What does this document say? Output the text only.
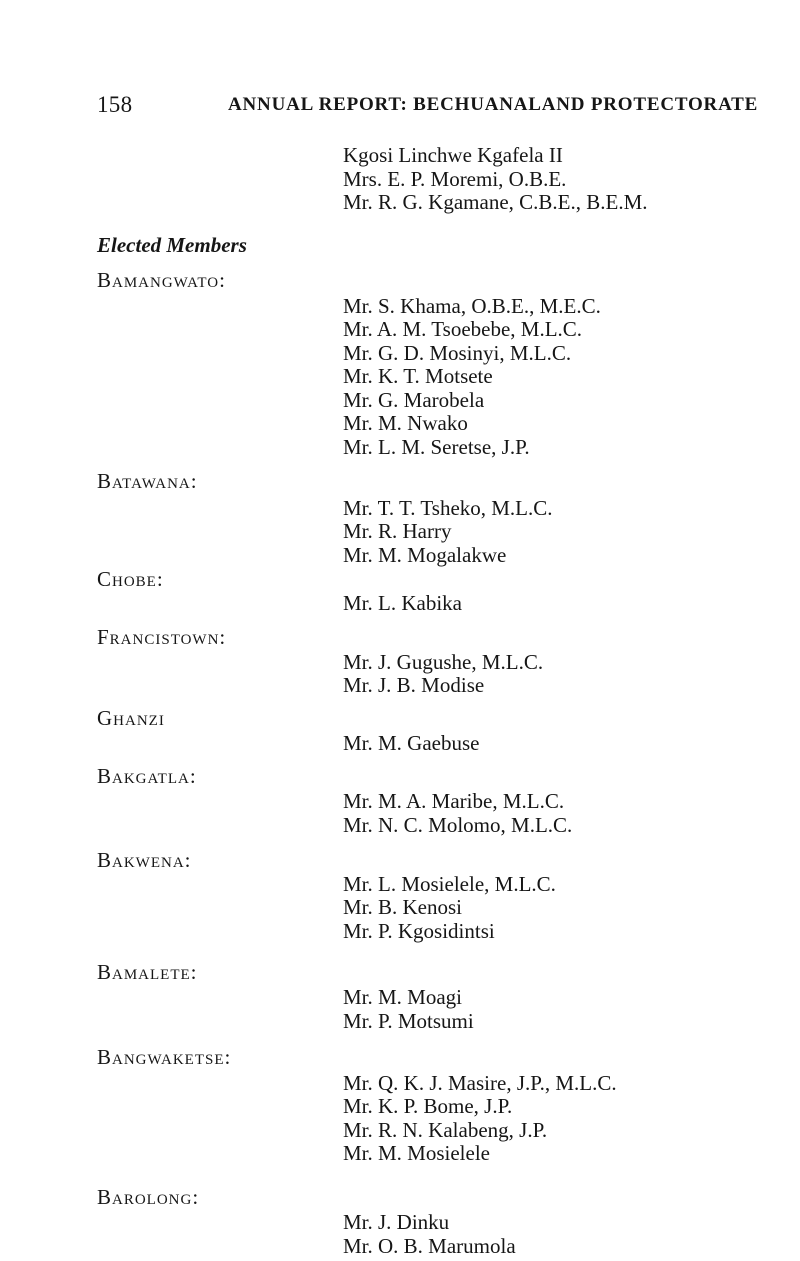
158	ANNUAL REPORT: BECHUANALAND PROTECTORATE
Kgosi Linchwe Kgafela II
Mrs. E. P. Moremi, O.B.E.
Mr. R. G. Kgamane, C.B.E., B.E.M.
Elected Members
Bamangwato:
Mr. S. Khama, O.B.E., M.E.C.
Mr. A. M. Tsoebebe, M.L.C.
Mr. G. D. Mosinyi, M.L.C.
Mr. K. T. Motsete
Mr. G. Marobela
Mr. M. Nwako
Mr. L. M. Seretse, J.P.
Batawana:
Mr. T. T. Tsheko, M.L.C.
Mr. R. Harry
Mr. M. Mogalakwe
Chobe:
Mr. L. Kabika
Francistown:
Mr. J. Gugushe, M.L.C.
Mr. J. B. Modise
Ghanzi
Mr. M. Gaebuse
Bakgatla:
Mr. M. A. Maribe, M.L.C.
Mr. N. C. Molomo, M.L.C.
Bakwena:
Mr. L. Mosielele, M.L.C.
Mr. B. Kenosi
Mr. P. Kgosidintsi
Bamalete:
Mr. M. Moagi
Mr. P. Motsumi
Bangwaketse:
Mr. Q. K. J. Masire, J.P., M.L.C.
Mr. K. P. Bome, J.P.
Mr. R. N. Kalabeng, J.P.
Mr. M. Mosielele
Barolong:
Mr. J. Dinku
Mr. O. B. Marumola
